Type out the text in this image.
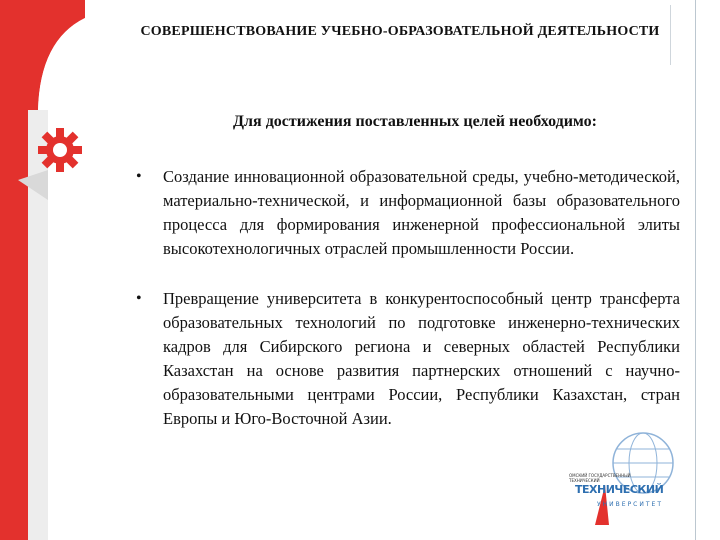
СОВЕРШЕНСТВОВАНИЕ УЧЕБНО-ОБРАЗОВАТЕЛЬНОЙ ДЕЯТЕЛЬНОСТИ
Для достижения поставленных целей необходимо:
• Создание инновационной образовательной среды, учебно-методической, материально-технической, и информационной базы образовательного процесса для формирования инженерной профессиональной элиты высокотехнологичных отраслей промышленности России.
• Превращение университета в конкурентоспособный центр трансферта образовательных технологий по подготовке инженерно-технических кадров для Сибирского региона и северных областей Республики Казахстан на основе развития партнерских отношений с научно-образовательными центрами России, Республики Казахстан, стран Европы и Юго-Восточной Азии.
ОМСКИЙ ГОСУДАРСТВЕННЫЙ ТЕХНИЧЕСКИЙ
ТЕХНИЧЕСКИЙ
УНИВЕРСИТЕТ
